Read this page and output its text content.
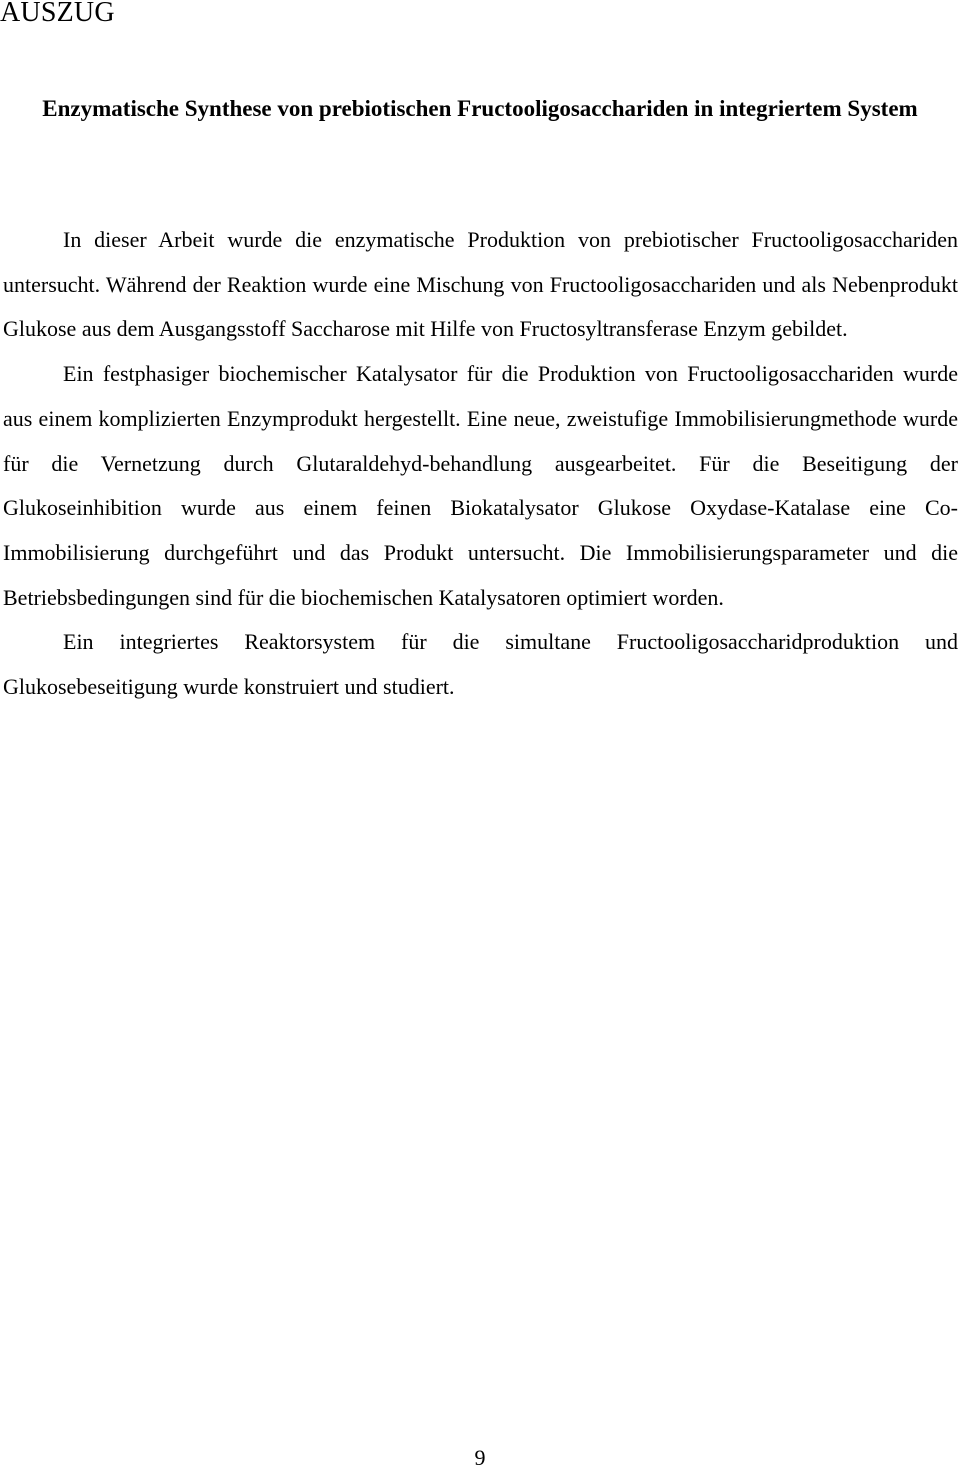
AUSZUG
Enzymatische Synthese von prebiotischen Fructooligosacchariden in integriertem System

In dieser Arbeit wurde die enzymatische Produktion von prebiotischer Fructooligosacchariden untersucht. Während der Reaktion wurde eine Mischung von Fructooligosacchariden und als Nebenprodukt Glukose aus dem Ausgangsstoff Saccharose mit Hilfe von Fructosyltransferase Enzym gebildet.

Ein festphasiger biochemischer Katalysator für die Produktion von Fructooligosacchariden wurde aus einem komplizierten Enzymprodukt hergestellt. Eine neue, zweistufige Immobilisierungmethode wurde für die Vernetzung durch Glutaraldehyd-behandlung ausgearbeitet. Für die Beseitigung der Glukoseinhibition wurde aus einem feinen Biokatalysator Glukose Oxydase-Katalase eine Co-Immobilisierung durchgeführt und das Produkt untersucht. Die Immobilisierungsparameter und die Betriebsbedingungen sind für die biochemischen Katalysatoren optimiert worden.

Ein integriertes Reaktorsystem für die simultane Fructooligosaccharidproduktion und Glukosebeseitigung wurde konstruiert und studiert.

9
